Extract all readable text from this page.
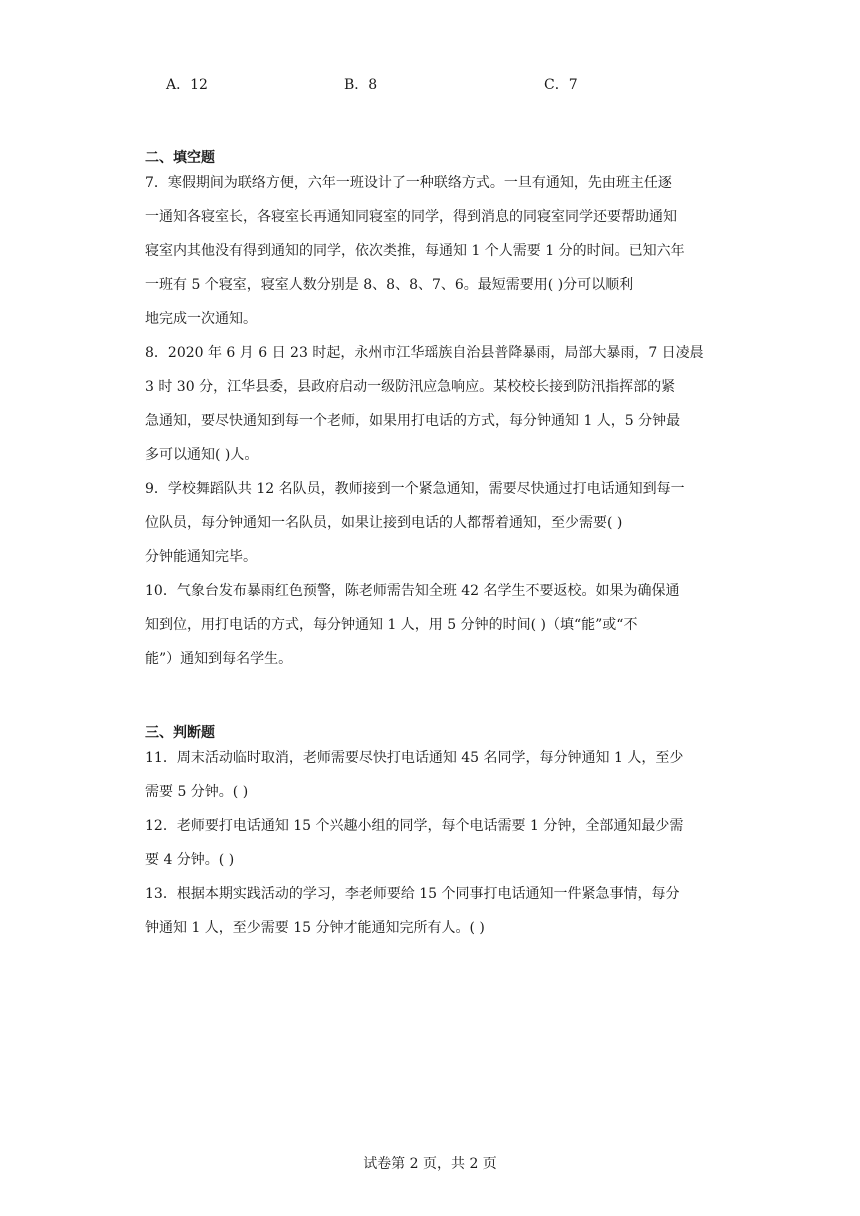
A．12	B．8	C．7
二、填空题
7．寒假期间为联络方便，六年一班设计了一种联络方式。一旦有通知，先由班主任逐
一通知各寝室长，各寝室长再通知同寝室的同学，得到消息的同寝室同学还要帮助通知
寝室内其他没有得到通知的同学，依次类推，每通知 1 个人需要 1 分的时间。已知六年
一班有 5 个寝室，寝室人数分别是 8、8、8、7、6。最短需要用( )分可以顺利
地完成一次通知。
8．2020 年 6 月 6 日 23 时起，永州市江华瑶族自治县普降暴雨，局部大暴雨，7 日凌晨
3 时 30 分，江华县委，县政府启动一级防汛应急响应。某校校长接到防汛指挥部的紧
急通知，要尽快通知到每一个老师，如果用打电话的方式，每分钟通知 1 人，5 分钟最
多可以通知( )人。
9．学校舞蹈队共 12 名队员，教师接到一个紧急通知，需要尽快通过打电话通知到每一
位队员，每分钟通知一名队员，如果让接到电话的人都帮着通知，至少需要( )
分钟能通知完毕。
10．气象台发布暴雨红色预警，陈老师需告知全班 42 名学生不要返校。如果为确保通
知到位，用打电话的方式，每分钟通知 1 人，用 5 分钟的时间( )（填“能”或“不
能”）通知到每名学生。
三、判断题
11．周末活动临时取消，老师需要尽快打电话通知 45 名同学，每分钟通知 1 人，至少
需要 5 分钟。( )
12．老师要打电话通知 15 个兴趣小组的同学，每个电话需要 1 分钟，全部通知最少需
要 4 分钟。( )
13．根据本期实践活动的学习，李老师要给 15 个同事打电话通知一件紧急事情，每分
钟通知 1 人，至少需要 15 分钟才能通知完所有人。( )
试卷第 2 页，共 2 页
